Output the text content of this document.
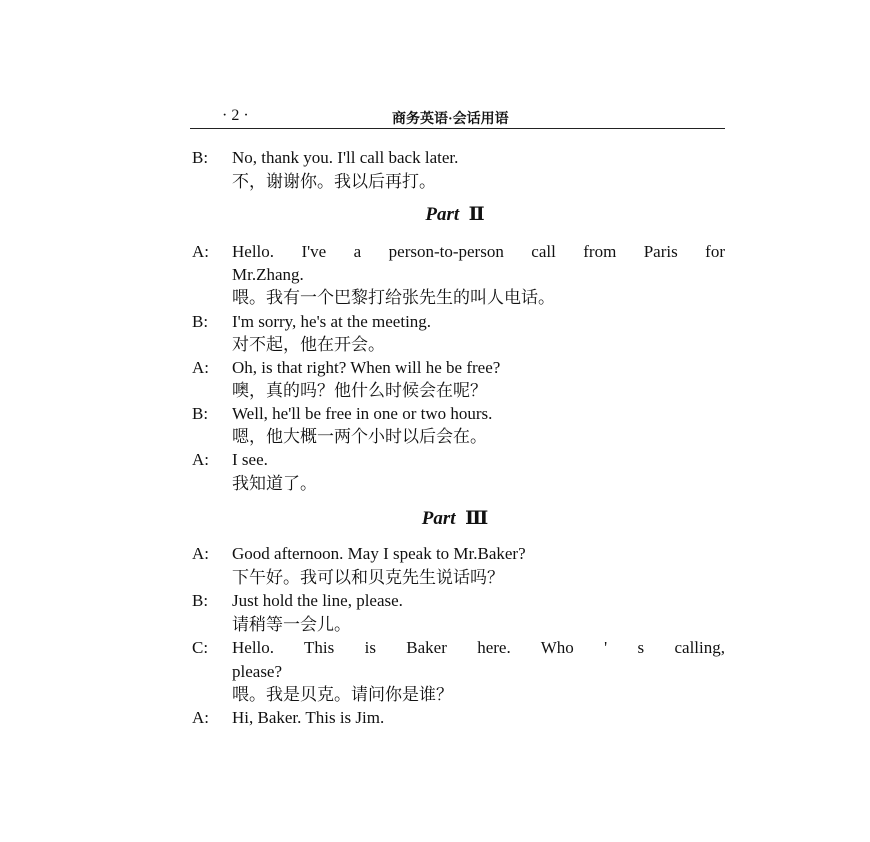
· 2 ·	商务英语·会话用语
B: No, thank you. I'll call back later.
不，谢谢你。我以后再打。
Part Ⅱ
A: Hello. I've a person-to-person call from Paris for
Mr.Zhang.
喂。我有一个巴黎打给张先生的叫人电话。
B: I'm sorry, he's at the meeting.
对不起，他在开会。
A: Oh, is that right? When will he be free?
噢，真的吗？他什么时候会在呢？
B: Well, he'll be free in one or two hours.
嗯，他大概一两个小时以后会在。
A: I see.
我知道了。
Part Ⅲ
A: Good afternoon. May I speak to Mr.Baker?
下午好。我可以和贝克先生说话吗？
B: Just hold the line, please.
请稍等一会儿。
C: Hello. This is Baker here. Who ' s calling,
please?
喂。我是贝克。请问你是谁？
A: Hi, Baker. This is Jim.
